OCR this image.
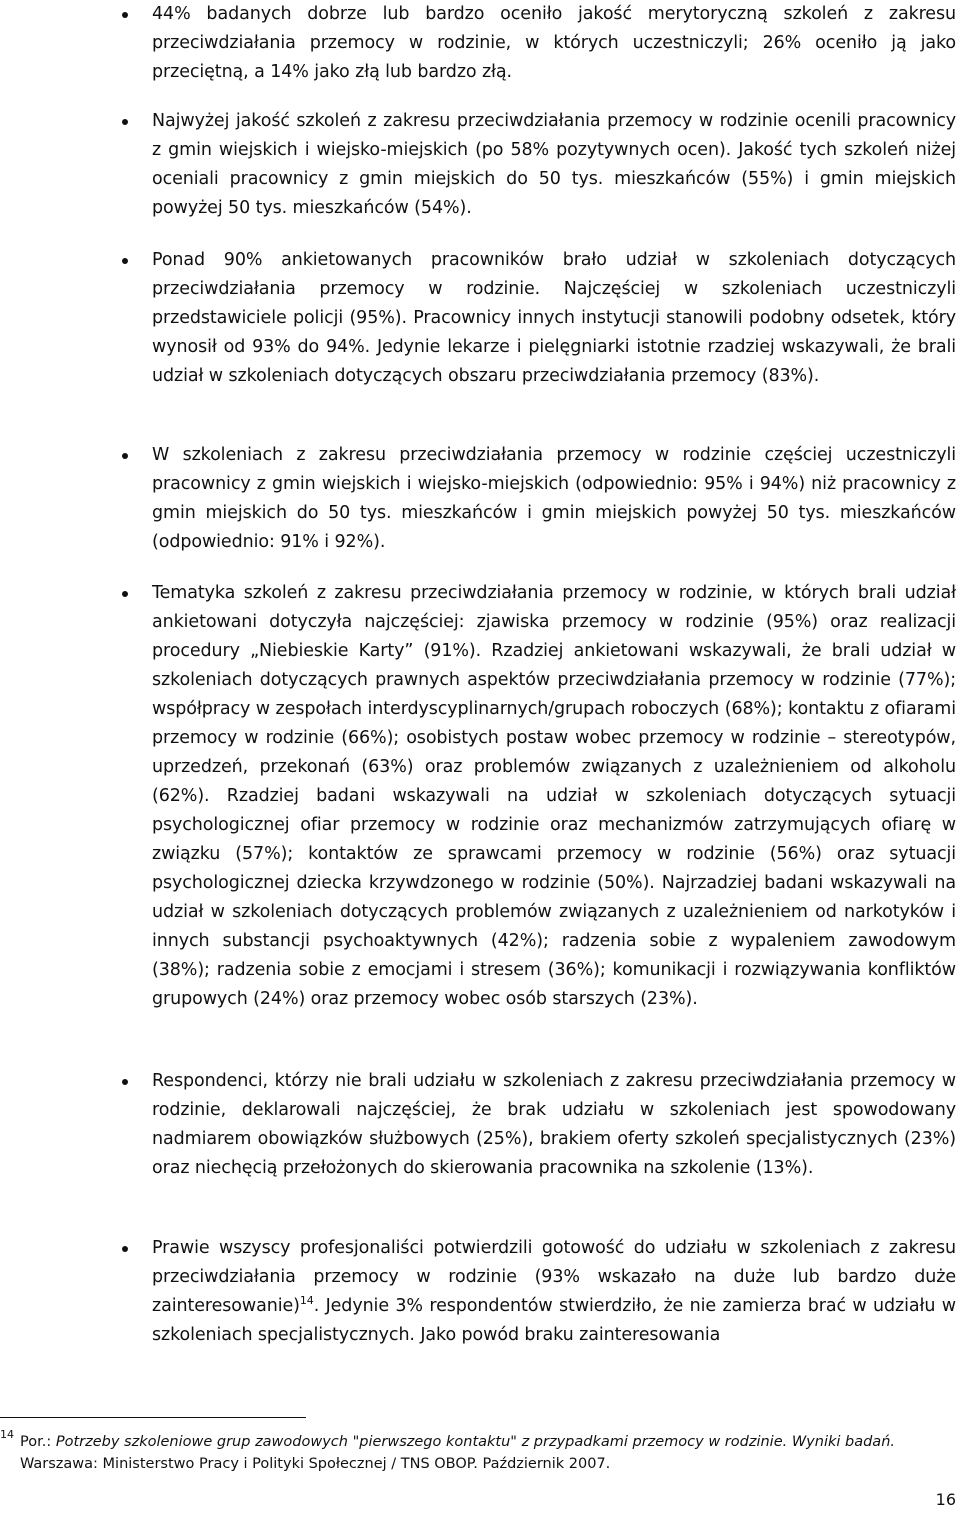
44% badanych dobrze lub bardzo oceniło jakość merytoryczną szkoleń z zakresu przeciwdziałania przemocy w rodzinie, w których uczestniczyli; 26% oceniło ją jako przeciętną, a 14% jako złą lub bardzo złą.
Najwyżej jakość szkoleń z zakresu przeciwdziałania przemocy w rodzinie ocenili pracownicy z gmin wiejskich i wiejsko-miejskich (po 58% pozytywnych ocen). Jakość tych szkoleń niżej oceniali pracownicy z gmin miejskich do 50 tys. mieszkańców (55%) i gmin miejskich powyżej 50 tys. mieszkańców (54%).
Ponad 90% ankietowanych pracowników brało udział w szkoleniach dotyczących przeciwdziałania przemocy w rodzinie. Najczęściej w szkoleniach uczestniczyli przedstawiciele policji (95%). Pracownicy innych instytucji stanowili podobny odsetek, który wynosił od 93% do 94%. Jedynie lekarze i pielęgniarki istotnie rzadziej wskazywali, że brali udział w szkoleniach dotyczących obszaru przeciwdziałania przemocy (83%).
W szkoleniach z zakresu przeciwdziałania przemocy w rodzinie częściej uczestniczyli pracownicy z gmin wiejskich i wiejsko-miejskich (odpowiednio: 95% i 94%) niż pracownicy z gmin miejskich do 50 tys. mieszkańców i gmin miejskich powyżej 50 tys. mieszkańców (odpowiednio: 91% i 92%).
Tematyka szkoleń z zakresu przeciwdziałania przemocy w rodzinie, w których brali udział ankietowani dotyczyła najczęściej: zjawiska przemocy w rodzinie (95%) oraz realizacji procedury „Niebieskie Karty” (91%). Rzadziej ankietowani wskazywali, że brali udział w szkoleniach dotyczących prawnych aspektów przeciwdziałania przemocy w rodzinie (77%); współpracy w zespołach interdyscyplinarnych/grupach roboczych (68%); kontaktu z ofiarami przemocy w rodzinie (66%); osobistych postaw wobec przemocy w rodzinie – stereotypów, uprzedzeń, przekonań (63%) oraz problemów związanych z uzależnieniem od alkoholu (62%). Rzadziej badani wskazywali na udział w szkoleniach dotyczących sytuacji psychologicznej ofiar przemocy w rodzinie oraz mechanizmów zatrzymujących ofiarę w związku (57%); kontaktów ze sprawcami przemocy w rodzinie (56%) oraz sytuacji psychologicznej dziecka krzywdzonego w rodzinie (50%). Najrzadziej badani wskazywali na udział w szkoleniach dotyczących problemów związanych z uzależnieniem od narkotyków i innych substancji psychoaktywnych (42%); radzenia sobie z wypaleniem zawodowym (38%); radzenia sobie z emocjami i stresem (36%); komunikacji i rozwiązywania konfliktów grupowych (24%) oraz przemocy wobec osób starszych (23%).
Respondenci, którzy nie brali udziału w szkoleniach z zakresu przeciwdziałania przemocy w rodzinie, deklarowali najczęściej, że brak udziału w szkoleniach jest spowodowany nadmiarem obowiązków służbowych (25%), brakiem oferty szkoleń specjalistycznych (23%) oraz niechęcią przełożonych do skierowania pracownika na szkolenie (13%).
Prawie wszyscy profesjonaliści potwierdzili gotowość do udziału w szkoleniach z zakresu przeciwdziałania przemocy w rodzinie (93% wskazało na duże lub bardzo duże zainteresowanie)$^{14}$. Jedynie 3% respondentów stwierdziło, że nie zamierza brać w udziału w szkoleniach specjalistycznych. Jako powód braku zainteresowania
14 Por.: Potrzeby szkoleniowe grup zawodowych "pierwszego kontaktu" z przypadkami przemocy w rodzinie. Wyniki badań.
Warszawa: Ministerstwo Pracy i Polityki Społecznej / TNS OBOP. Październik 2007.
16
